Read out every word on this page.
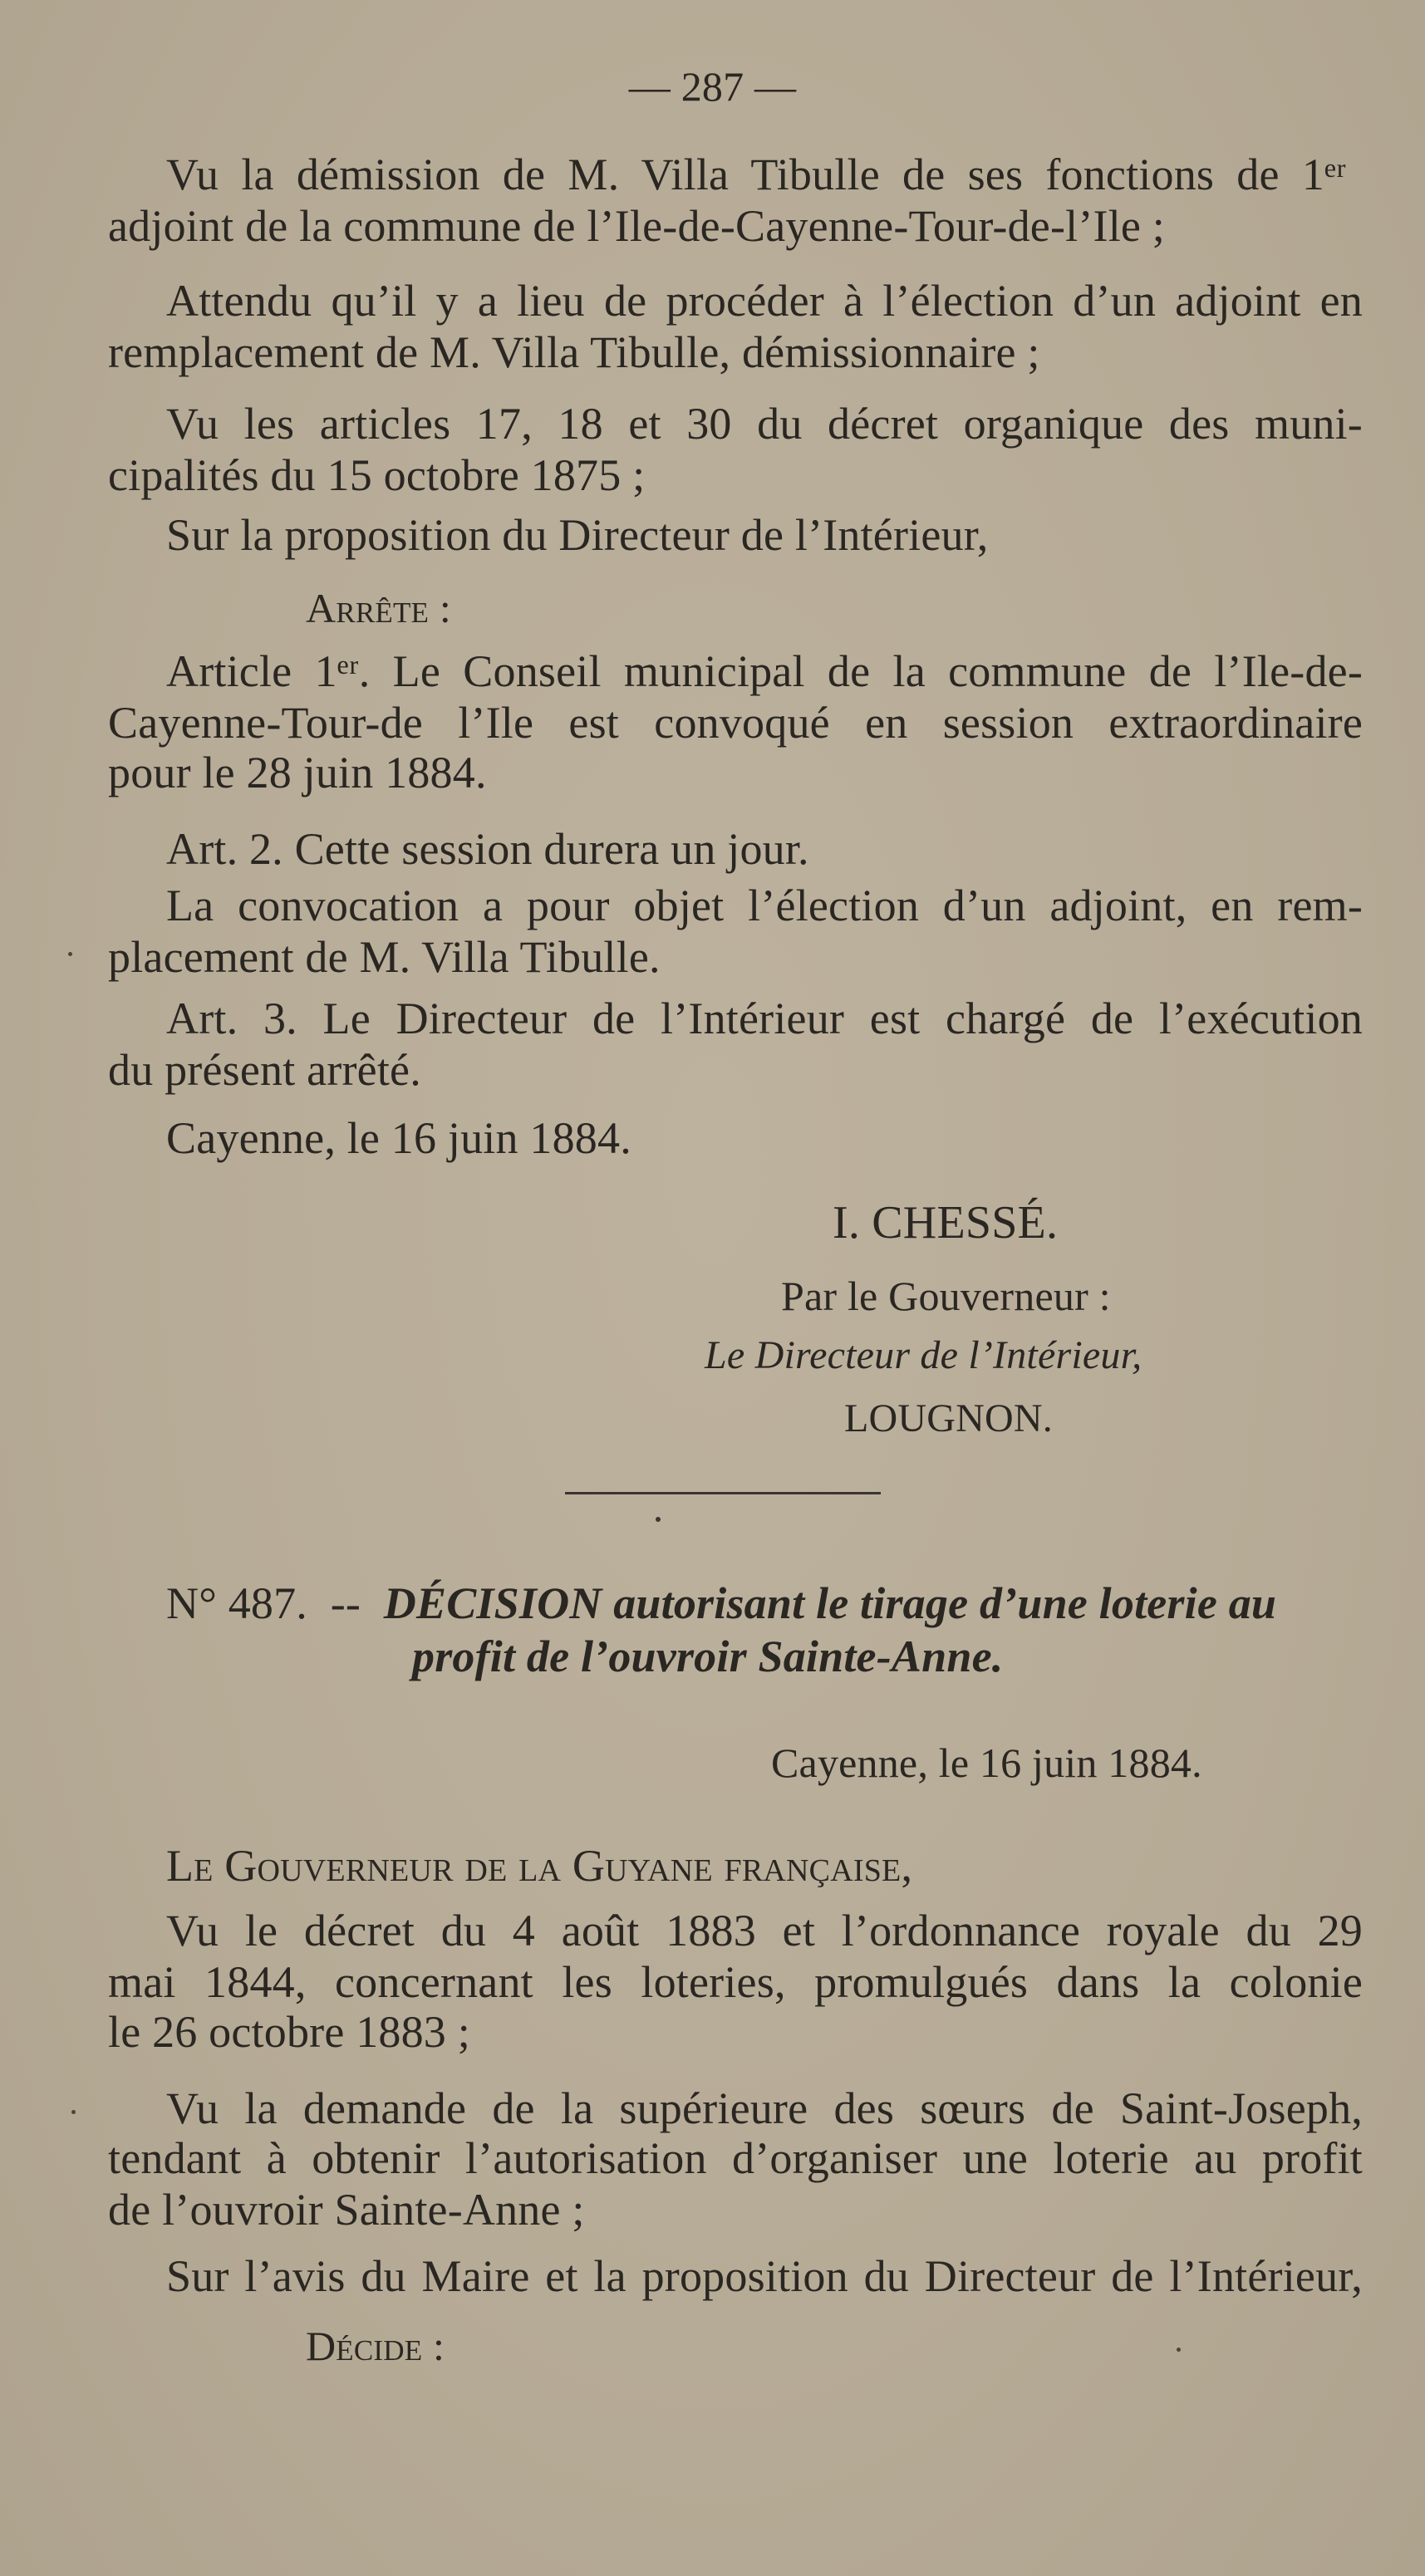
— 287 —
Vu la démission de M. Villa Tibulle de ses fonctions de 1ᵉʳ
adjoint de la commune de l’Ile-de-Cayenne-Tour-de-l’Ile ;
Attendu qu’il y a lieu de procéder à l’élection d’un adjoint en
remplacement de M. Villa Tibulle, démissionnaire ;
Vu les articles 17, 18 et 30 du décret organique des muni-
cipalités du 15 octobre 1875 ;
Sur la proposition du Directeur de l’Intérieur,
Arrête :
Article 1ᵉʳ. Le Conseil municipal de la commune de l’Ile-de-
Cayenne-Tour-de l’Ile est convoqué en session extraordinaire
pour le 28 juin 1884.
Art. 2. Cette session durera un jour.
La convocation a pour objet l’élection d’un adjoint, en rem-
placement de M. Villa Tibulle.
Art. 3. Le Directeur de l’Intérieur est chargé de l’exécution
du présent arrêté.
Cayenne, le 16 juin 1884.
I. CHESSÉ.
Par le Gouverneur :
Le Directeur de l’Intérieur,
LOUGNON.
N° 487. -- DÉCISION autorisant le tirage d’une loterie au
profit de l’ouvroir Sainte-Anne.
Cayenne, le 16 juin 1884.
Le Gouverneur de la Guyane française,
Vu le décret du 4 août 1883 et l’ordonnance royale du 29
mai 1844, concernant les loteries, promulgués dans la colonie
le 26 octobre 1883 ;
Vu la demande de la supérieure des sœurs de Saint-Joseph,
tendant à obtenir l’autorisation d’organiser une loterie au profit
de l’ouvroir Sainte-Anne ;
Sur l’avis du Maire et la proposition du Directeur de l’Intérieur,
Décide :
